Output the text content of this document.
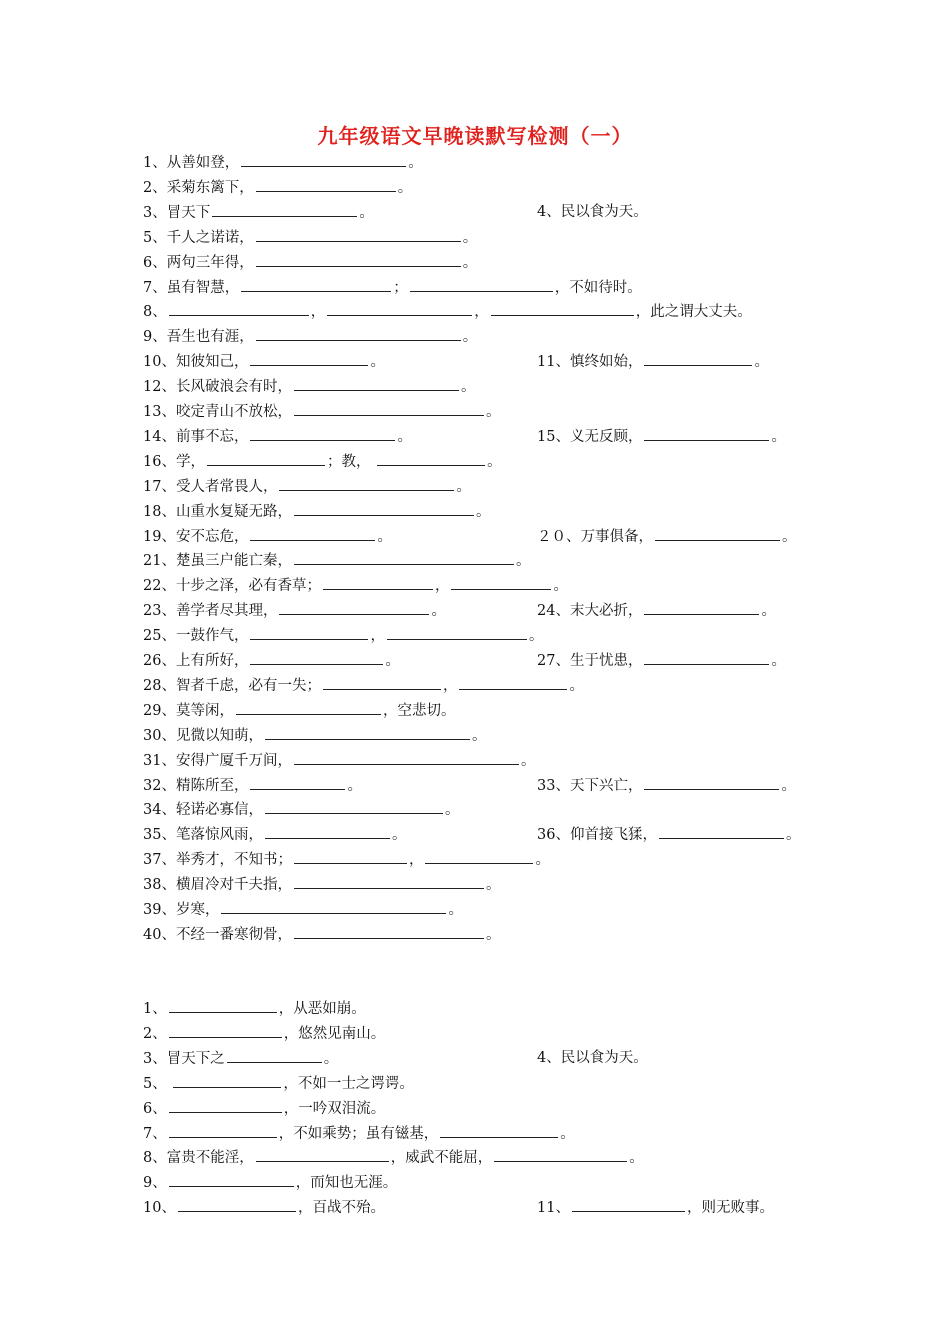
九年级语文早晚读默写检测（一）
1、从善如登，	。
2、采菊东篱下，	。
3、冒天下	。	4、民以食为天。
5、千人之诺诺，	。
6、两句三年得，	。
7、虽有智慧，	；	，不如待时。
8、	，	，	，此之谓大丈夫。
9、吾生也有涯，	。
10、知彼知己，	。	11、慎终如始，	。
12、长风破浪会有时，	。
13、咬定青山不放松，	。
14、前事不忘，	。	15、义无反顾，	。
16、学，	；教，	。
17、受人者常畏人，	。
18、山重水复疑无路，	。
19、安不忘危，	。	２０、万事俱备，	。
21、楚虽三户能亡秦，	。
22、十步之泽，必有香草；	，	。
23、善学者尽其理，	。	24、末大必折，	。
25、一鼓作气，	，	。
26、上有所好，	。	27、生于忧患，	。
28、智者千虑，必有一失；	，	。
29、莫等闲，	，空悲切。
30、见微以知萌，	。
31、安得广厦千万间，	。
32、精陈所至，	。	33、天下兴亡，	。
34、轻诺必寡信，	。
35、笔落惊风雨，	。	36、仰首接飞猱，	。
37、举秀才，不知书；	，	。
38、横眉冷对千夫指，	。
39、岁寒，	。
40、不经一番寒彻骨，	。
1、	，从恶如崩。
2、	，悠然见南山。
3、冒天下之	。	4、民以食为天。
5、	，不如一士之谔谔。
6、	，一吟双泪流。
7、	，不如乘势；虽有镃基，	。
8、富贵不能淫，	，威武不能屈，	。
9、	，而知也无涯。
10、	，百战不殆。	11、	，则无败事。
